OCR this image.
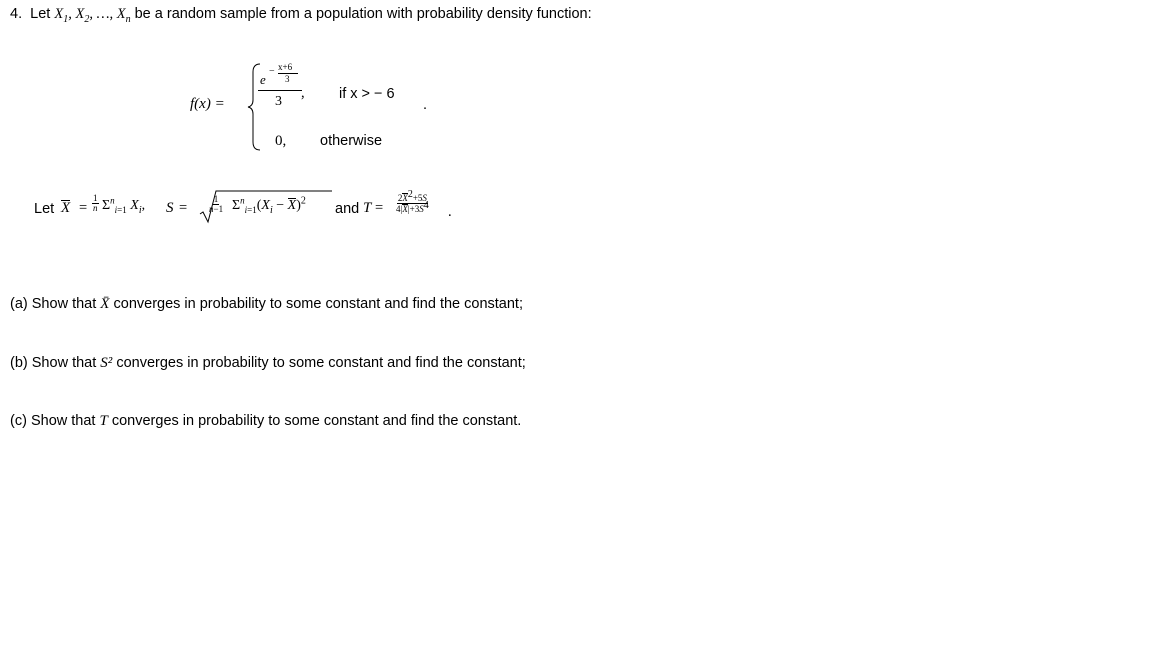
4. Let $X_1$, $X_2$, …, $X_n$ be a random sample from a population with probability density function:
f(x) =
e
− x+6
3
3
, if x > − 6
.
0, otherwise
Let $X = \frac{1}{n} \Sigma^n_{i=1}$ $X_i$, $S = \frac{1}{n-1} \Sigma^n_{i=1}(X_i - X)^2$
and $T = \frac{2X^2+5S}{4|X|+3S^4}$ .
(a) Show that X̄ converges in probability to some constant and find the constant;
(b) Show that S² converges in probability to some constant and find the constant;
(c) Show that T converges in probability to some constant and find the constant.
